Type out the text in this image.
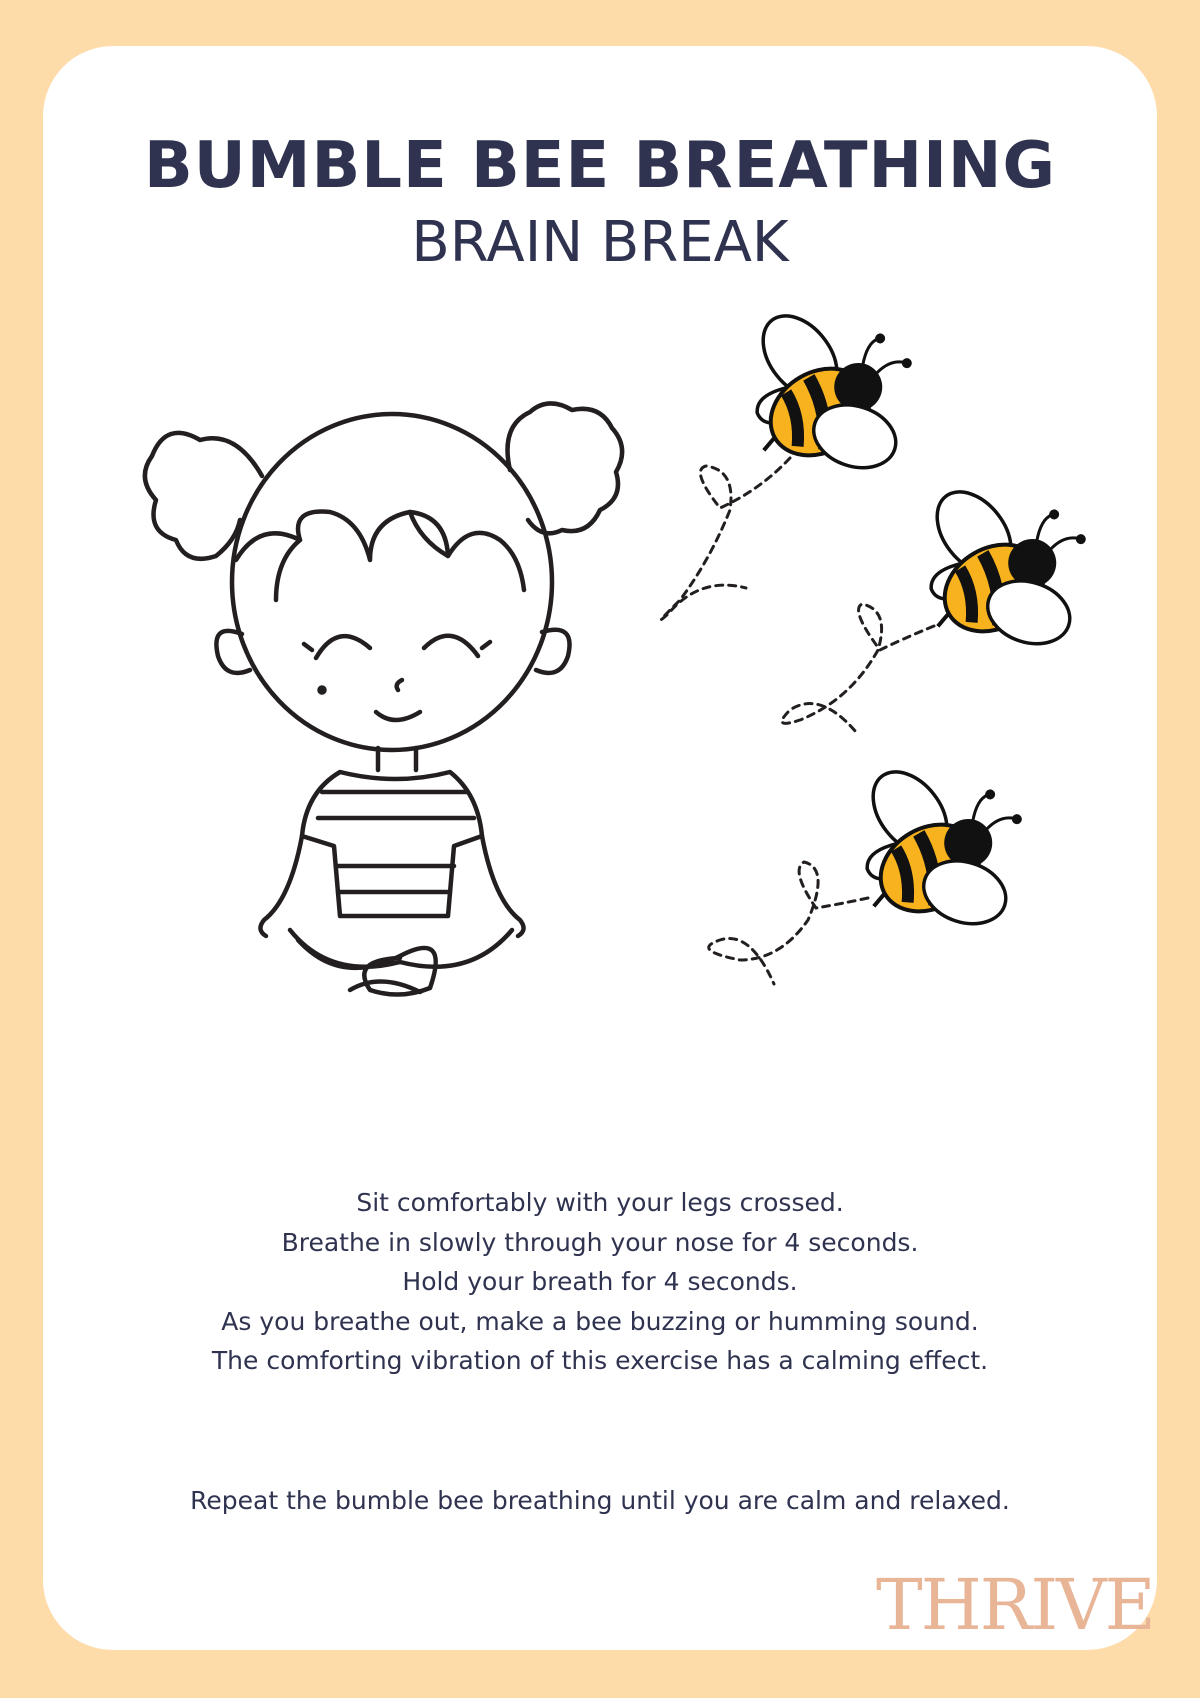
BUMBLE BEE BREATHING
BRAIN BREAK
Sit comfortably with your legs crossed.
Breathe in slowly through your nose for 4 seconds.
Hold your breath for 4 seconds.
As you breathe out, make a bee buzzing or humming sound.
The comforting vibration of this exercise has a calming effect.
Repeat the bumble bee breathing until you are calm and relaxed.
THRIVE
